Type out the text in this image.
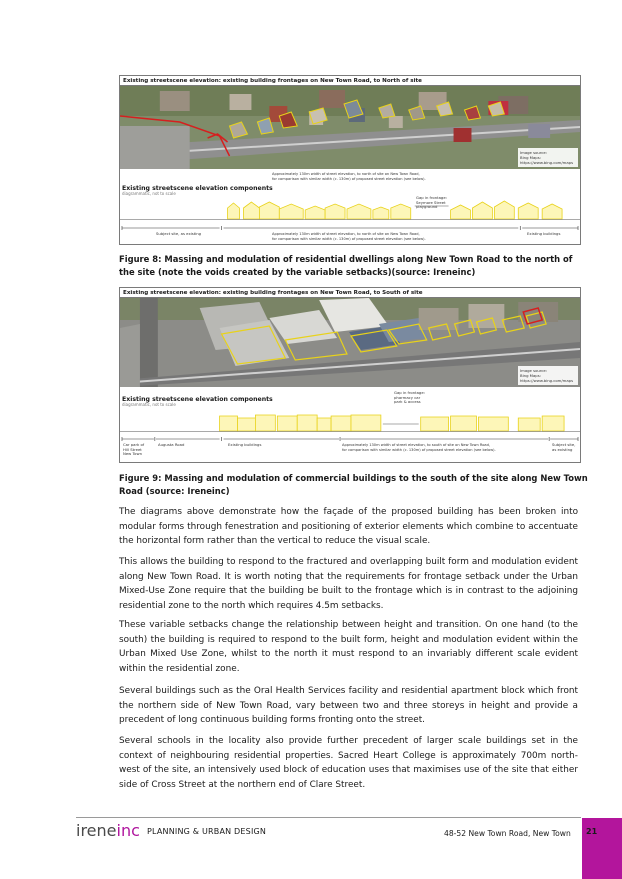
Existing streetscene elevation: existing building frontages on New Town Road, to North of site
Image source:
Bing Maps:
https://www.bing.com/maps
Approximately 130m width of street elevation, to north of site on New Town Road,
for comparison with similar width (c. 130m) of proposed street elevation (see below).
Existing streetscene elevation components
diagrammatic, not to scale
Gap in frontage:
Seymore Street
playground
Subject site, as existing	Approximately 130m width of street elevation, to north of site on New Town Road,
for comparison with similar width (c. 130m) of proposed street elevation (see below).
Existing buildings
Figure 8: Massing and modulation of residential dwellings along New Town Road to the north of the site (note the voids created by the variable setbacks)(source: Ireneinc)
Existing streetscene elevation: existing building frontages on New Town Road, to South of site
Image source:
Bing Maps:
https://www.bing.com/maps
Gap in frontage:
pharmacy car
park & access
Existing streetscene elevation components
diagrammatic, not to scale
Car park of
Hill Street
New Town
Augusta Road	Existing buildings	Approximately 130m width of street elevation, to south of site on New Town Road,
for comparison with similar width (c. 130m) of proposed street elevation (see below).
Subject site,
as existing
Figure 9: Massing and modulation of commercial buildings to the south of the site along New Town Road (source: Ireneinc)

The diagrams above demonstrate how the façade of the proposed building has been broken into modular forms through fenestration and positioning of exterior elements which combine to accentuate the horizontal form rather than the vertical to reduce the visual scale.

This allows the building to respond to the fractured and overlapping built form and modulation evident along New Town Road. It is worth noting that the requirements for frontage setback under the Urban Mixed-Use Zone require that the building be built to the frontage which is in contrast to the adjoining residential zone to the north which requires 4.5m setbacks.

These variable setbacks change the relationship between height and transition. On one hand (to the south) the building is required to respond to the built form, height and modulation evident within the Urban Mixed Use Zone, whilst to the north it must respond to an invariably different scale evident within the residential zone.

Several buildings such as the Oral Health Services facility and residential apartment block which front the northern side of New Town Road, vary between two and three storeys in height and provide a precedent of long continuous building forms fronting onto the street.

Several schools in the locality also provide further precedent of larger scale buildings set in the context of neighbouring residential properties. Sacred Heart College is approximately 700m north-west of the site, an intensively used block of education uses that maximises use of the site that either side of Cross Street at the northern end of Clare Street.

ireneinc PLANNING & URBAN DESIGN	48-52 New Town Road, New Town 21
